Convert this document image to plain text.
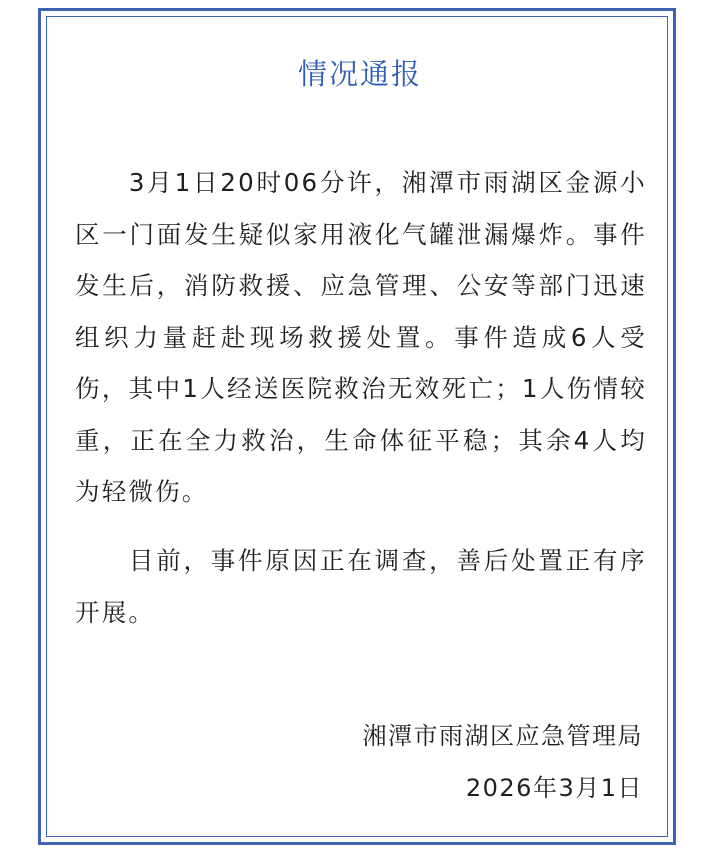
情况通报

3月1日20时06分许，湘潭市雨湖区金源小区一门面发生疑似家用液化气罐泄漏爆炸。事件发生后，消防救援、应急管理、公安等部门迅速组织力量赶赴现场救援处置。事件造成6人受伤，其中1人经送医院救治无效死亡；1人伤情较重，正在全力救治，生命体征平稳；其余4人均为轻微伤。

目前，事件原因正在调查，善后处置正有序开展。

湘潭市雨湖区应急管理局
2026年3月1日
